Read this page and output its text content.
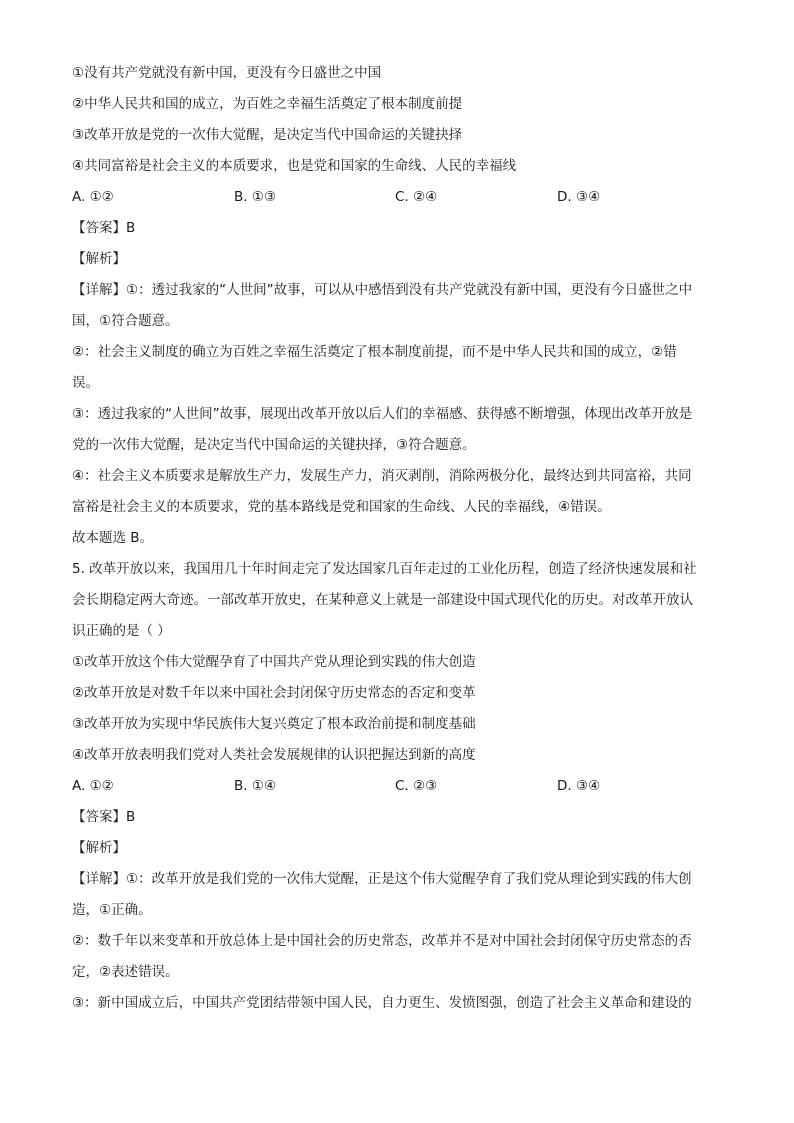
①没有共产党就没有新中国，更没有今日盛世之中国
②中华人民共和国的成立，为百姓之幸福生活奠定了根本制度前提
③改革开放是党的一次伟大觉醒，是决定当代中国命运的关键抉择
④共同富裕是社会主义的本质要求，也是党和国家的生命线、人民的幸福线
A. ①②	B. ①③	C. ②④	D. ③④
【答案】B
【解析】
【详解】①：透过我家的“人世间”故事，可以从中感悟到没有共产党就没有新中国，更没有今日盛世之中
国，①符合题意。
②：社会主义制度的确立为百姓之幸福生活奠定了根本制度前提，而不是中华人民共和国的成立，②错
误。
③：透过我家的“人世间”故事，展现出改革开放以后人们的幸福感、获得感不断增强，体现出改革开放是
党的一次伟大觉醒，是决定当代中国命运的关键抉择，③符合题意。
④：社会主义本质要求是解放生产力，发展生产力，消灭剥削，消除两极分化，最终达到共同富裕，共同
富裕是社会主义的本质要求，党的基本路线是党和国家的生命线、人民的幸福线，④错误。
故本题选 B。
5. 改革开放以来，我国用几十年时间走完了发达国家几百年走过的工业化历程，创造了经济快速发展和社
会长期稳定两大奇迹。一部改革开放史，在某种意义上就是一部建设中国式现代化的历史。对改革开放认
识正确的是（ ）
①改革开放这个伟大觉醒孕育了中国共产党从理论到实践的伟大创造
②改革开放是对数千年以来中国社会封闭保守历史常态的否定和变革
③改革开放为实现中华民族伟大复兴奠定了根本政治前提和制度基础
④改革开放表明我们党对人类社会发展规律的认识把握达到新的高度
A. ①②	B. ①④	C. ②③	D. ③④
【答案】B
【解析】
【详解】①：改革开放是我们党的一次伟大觉醒，正是这个伟大觉醒孕育了我们党从理论到实践的伟大创
造，①正确。
②：数千年以来变革和开放总体上是中国社会的历史常态，改革并不是对中国社会封闭保守历史常态的否
定，②表述错误。
③：新中国成立后，中国共产党团结带领中国人民，自力更生、发愤图强，创造了社会主义革命和建设的
